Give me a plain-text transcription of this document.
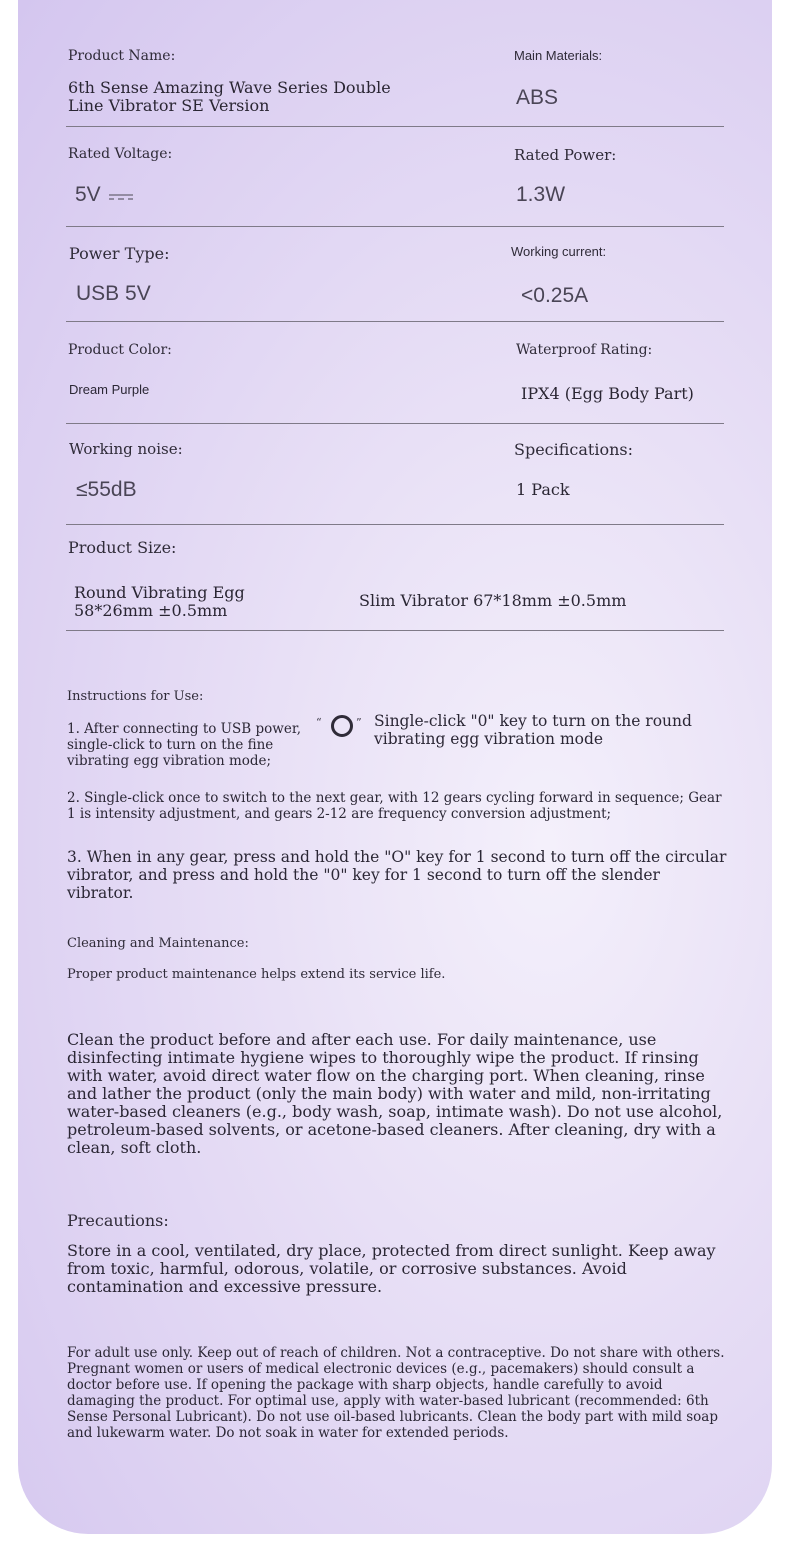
Product Name:
6th Sense Amazing Wave Series Double Line Vibrator SE Version
Main Materials:
ABS
Rated Voltage:
5V
Rated Power:
1.3W
Power Type:
USB 5V
Working current:
<0.25A
Product Color:
Dream Purple
Waterproof Rating:
IPX4 (Egg Body Part)
Working noise:
≤55dB
Specifications:
1 Pack
Product Size:
Round Vibrating Egg 58*26mm ±0.5mm
Slim Vibrator 67*18mm ±0.5mm
Instructions for Use:
1. After connecting to USB power, single-click to turn on the fine vibrating egg vibration mode;
“	” Single-click "0" key to turn on the round vibrating egg vibration mode
2. Single-click once to switch to the next gear, with 12 gears cycling forward in sequence; Gear 1 is intensity adjustment, and gears 2-12 are frequency conversion adjustment;
3. When in any gear, press and hold the "O" key for 1 second to turn off the circular vibrator, and press and hold the "0" key for 1 second to turn off the slender vibrator.
Cleaning and Maintenance:
Proper product maintenance helps extend its service life.
Clean the product before and after each use. For daily maintenance, use disinfecting intimate hygiene wipes to thoroughly wipe the product. If rinsing with water, avoid direct water flow on the charging port. When cleaning, rinse and lather the product (only the main body) with water and mild, non-irritating water-based cleaners (e.g., body wash, soap, intimate wash). Do not use alcohol, petroleum-based solvents, or acetone-based cleaners. After cleaning, dry with a clean, soft cloth.
Precautions:
Store in a cool, ventilated, dry place, protected from direct sunlight. Keep away from toxic, harmful, odorous, volatile, or corrosive substances. Avoid contamination and excessive pressure.
For adult use only. Keep out of reach of children. Not a contraceptive. Do not share with others. Pregnant women or users of medical electronic devices (e.g., pacemakers) should consult a doctor before use. If opening the package with sharp objects, handle carefully to avoid damaging the product. For optimal use, apply with water-based lubricant (recommended: 6th Sense Personal Lubricant). Do not use oil-based lubricants. Clean the body part with mild soap and lukewarm water. Do not soak in water for extended periods.
